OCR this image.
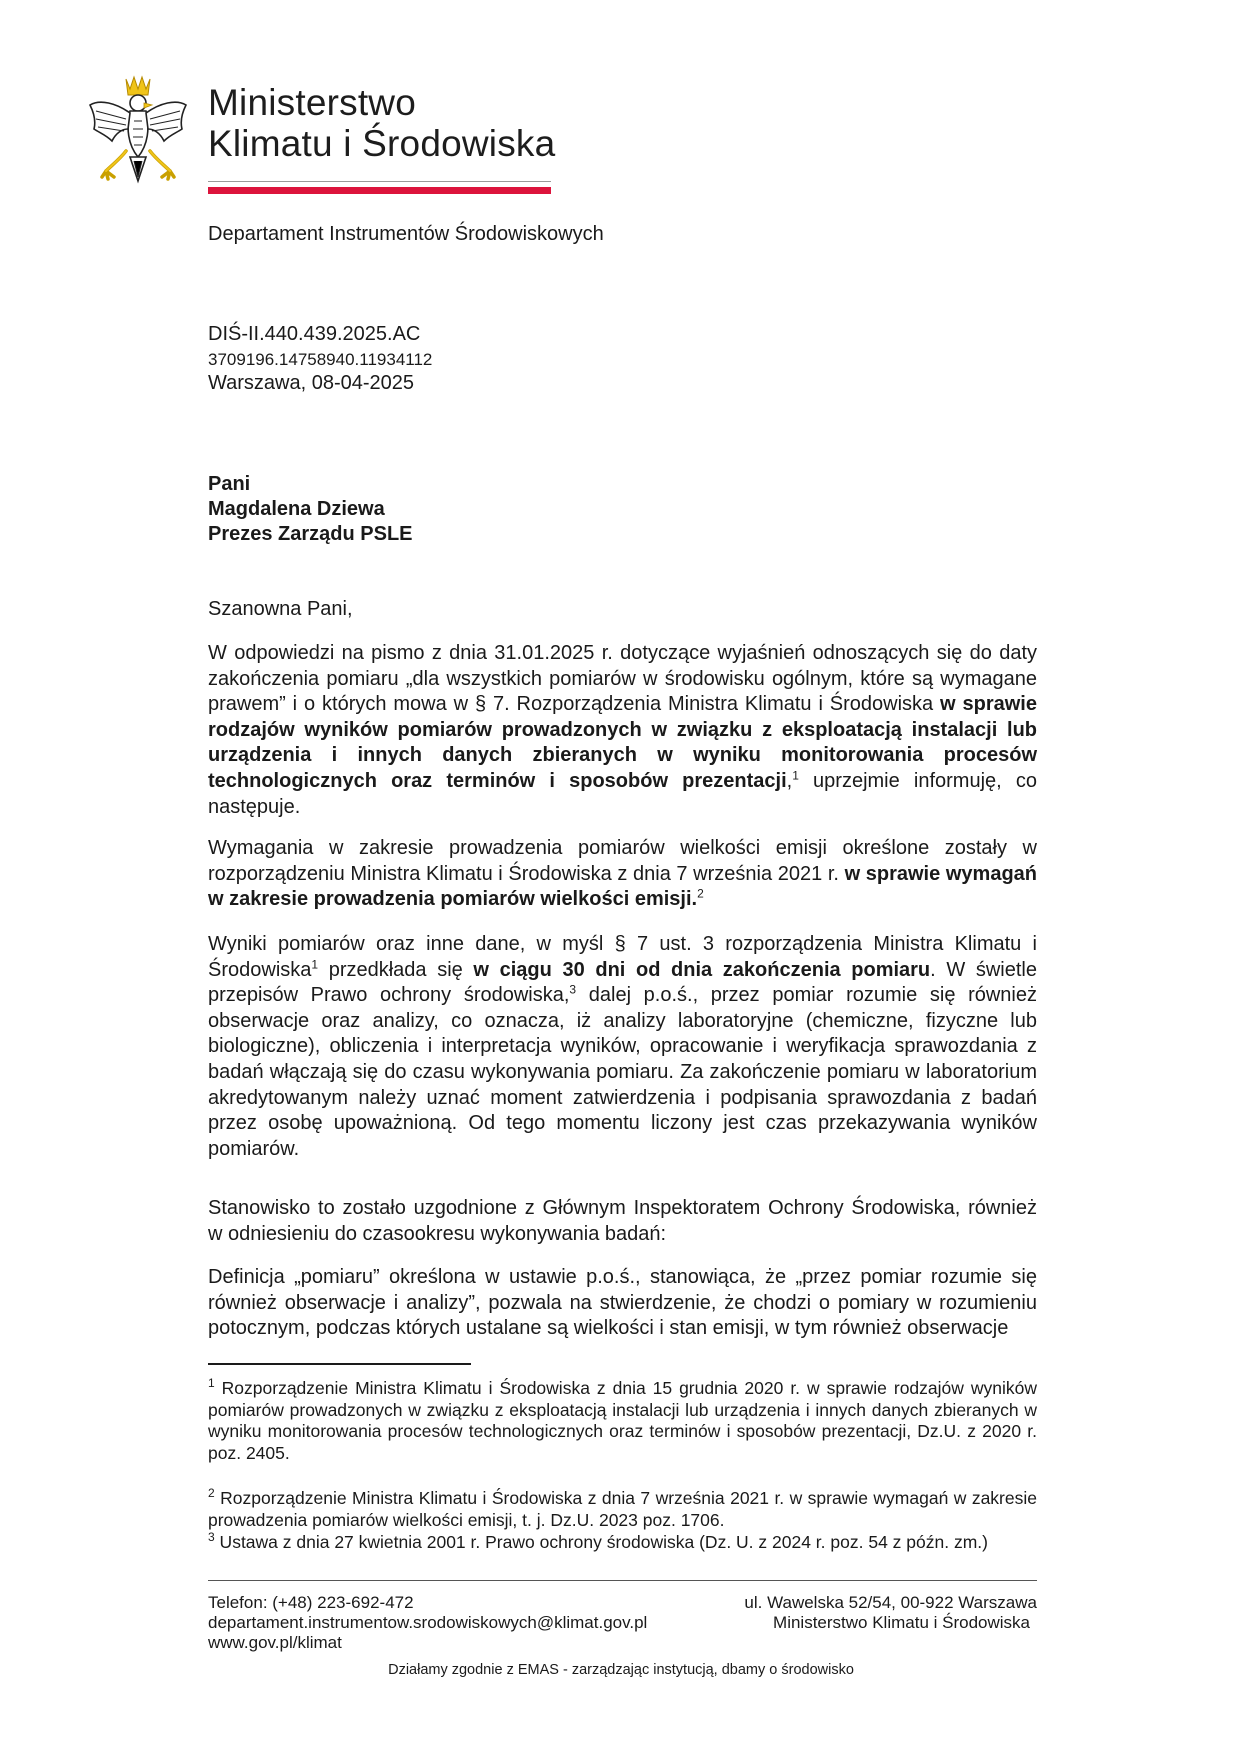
Ministerstwo
Klimatu i Środowiska
Departament Instrumentów Środowiskowych
DIŚ-II.440.439.2025.AC
3709196.14758940.11934112
Warszawa, 08-04-2025
Pani
Magdalena Dziewa
Prezes Zarządu PSLE
Szanowna Pani,

W odpowiedzi na pismo z dnia 31.01.2025 r. dotyczące wyjaśnień odnoszących się do daty zakończenia pomiaru „dla wszystkich pomiarów w środowisku ogólnym, które są wymagane prawem” i o których mowa w § 7. Rozporządzenia Ministra Klimatu i Środowiska w sprawie rodzajów wyników pomiarów prowadzonych w związku z eksploatacją instalacji lub urządzenia i innych danych zbieranych w wyniku monitorowania procesów technologicznych oraz terminów i sposobów prezentacji,$^1$ uprzejmie informuję, co następuje.

Wymagania w zakresie prowadzenia pomiarów wielkości emisji określone zostały w rozporządzeniu Ministra Klimatu i Środowiska z dnia 7 września 2021 r. w sprawie wymagań w zakresie prowadzenia pomiarów wielkości emisji.$^2$

Wyniki pomiarów oraz inne dane, w myśl § 7 ust. 3 rozporządzenia Ministra Klimatu i Środowiska$^1$ przedkłada się w ciągu 30 dni od dnia zakończenia pomiaru. W świetle przepisów Prawo ochrony środowiska,$^3$ dalej p.o.ś., przez pomiar rozumie się również obserwacje oraz analizy, co oznacza, iż analizy laboratoryjne (chemiczne, fizyczne lub biologiczne), obliczenia i interpretacja wyników, opracowanie i weryfikacja sprawozdania z badań włączają się do czasu wykonywania pomiaru. Za zakończenie pomiaru w laboratorium akredytowanym należy uznać moment zatwierdzenia i podpisania sprawozdania z badań przez osobę upoważnioną. Od tego momentu liczony jest czas przekazywania wyników pomiarów.

Stanowisko to zostało uzgodnione z Głównym Inspektoratem Ochrony Środowiska, również w odniesieniu do czasookresu wykonywania badań:

Definicja „pomiaru” określona w ustawie p.o.ś., stanowiąca, że „przez pomiar rozumie się również obserwacje i analizy”, pozwala na stwierdzenie, że chodzi o pomiary w rozumieniu potocznym, podczas których ustalane są wielkości i stan emisji, w tym również obserwacje

$^1$ Rozporządzenie Ministra Klimatu i Środowiska z dnia 15 grudnia 2020 r. w sprawie rodzajów wyników pomiarów prowadzonych w związku z eksploatacją instalacji lub urządzenia i innych danych zbieranych w wyniku monitorowania procesów technologicznych oraz terminów i sposobów prezentacji, Dz.U. z 2020 r. poz. 2405.

$^2$ Rozporządzenie Ministra Klimatu i Środowiska z dnia 7 września 2021 r. w sprawie wymagań w zakresie prowadzenia pomiarów wielkości emisji, t. j. Dz.U. 2023 poz. 1706.

$^3$ Ustawa z dnia 27 kwietnia 2001 r. Prawo ochrony środowiska (Dz. U. z 2024 r. poz. 54 z późn. zm.)

Telefon: (+48) 223-692-472
departament.instrumentow.srodowiskowych@klimat.gov.pl
www.gov.pl/klimat
ul. Wawelska 52/54, 00-922 Warszawa
Ministerstwo Klimatu i Środowiska
Działamy zgodnie z EMAS - zarządzając instytucją, dbamy o środowisko
